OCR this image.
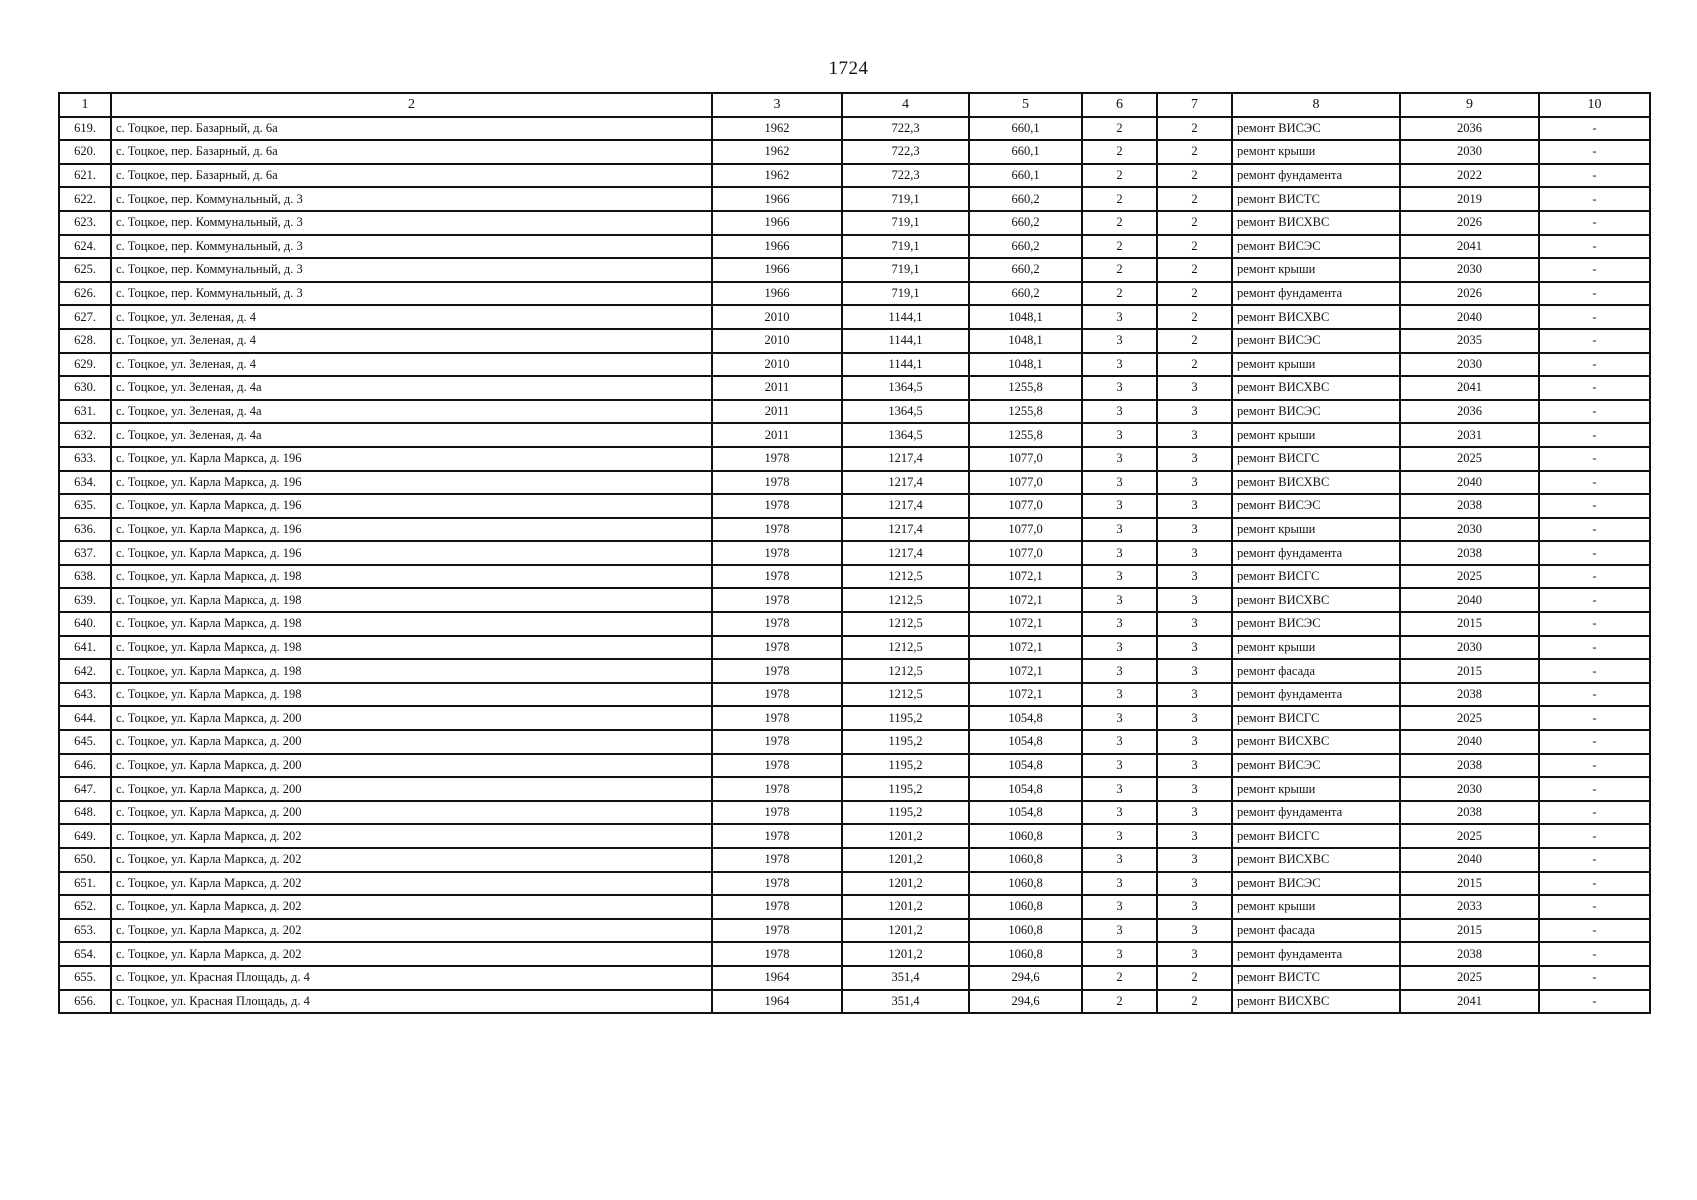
1724
1	2	3	4	5	6	7	8	9	10
619.	с. Тоцкое, пер. Базарный, д. 6а	1962	722,3	660,1	2	2	ремонт ВИСЭС	2036	-
620.	с. Тоцкое, пер. Базарный, д. 6а	1962	722,3	660,1	2	2	ремонт крыши	2030	-
621.	с. Тоцкое, пер. Базарный, д. 6а	1962	722,3	660,1	2	2	ремонт фундамента	2022	-
622.	с. Тоцкое, пер. Коммунальный, д. 3	1966	719,1	660,2	2	2	ремонт ВИСТС	2019	-
623.	с. Тоцкое, пер. Коммунальный, д. 3	1966	719,1	660,2	2	2	ремонт ВИСХВС	2026	-
624.	с. Тоцкое, пер. Коммунальный, д. 3	1966	719,1	660,2	2	2	ремонт ВИСЭС	2041	-
625.	с. Тоцкое, пер. Коммунальный, д. 3	1966	719,1	660,2	2	2	ремонт крыши	2030	-
626.	с. Тоцкое, пер. Коммунальный, д. 3	1966	719,1	660,2	2	2	ремонт фундамента	2026	-
627.	с. Тоцкое, ул. Зеленая, д. 4	2010	1144,1	1048,1	3	2	ремонт ВИСХВС	2040	-
628.	с. Тоцкое, ул. Зеленая, д. 4	2010	1144,1	1048,1	3	2	ремонт ВИСЭС	2035	-
629.	с. Тоцкое, ул. Зеленая, д. 4	2010	1144,1	1048,1	3	2	ремонт крыши	2030	-
630.	с. Тоцкое, ул. Зеленая, д. 4а	2011	1364,5	1255,8	3	3	ремонт ВИСХВС	2041	-
631.	с. Тоцкое, ул. Зеленая, д. 4а	2011	1364,5	1255,8	3	3	ремонт ВИСЭС	2036	-
632.	с. Тоцкое, ул. Зеленая, д. 4а	2011	1364,5	1255,8	3	3	ремонт крыши	2031	-
633.	с. Тоцкое, ул. Карла Маркса, д. 196	1978	1217,4	1077,0	3	3	ремонт ВИСГС	2025	-
634.	с. Тоцкое, ул. Карла Маркса, д. 196	1978	1217,4	1077,0	3	3	ремонт ВИСХВС	2040	-
635.	с. Тоцкое, ул. Карла Маркса, д. 196	1978	1217,4	1077,0	3	3	ремонт ВИСЭС	2038	-
636.	с. Тоцкое, ул. Карла Маркса, д. 196	1978	1217,4	1077,0	3	3	ремонт крыши	2030	-
637.	с. Тоцкое, ул. Карла Маркса, д. 196	1978	1217,4	1077,0	3	3	ремонт фундамента	2038	-
638.	с. Тоцкое, ул. Карла Маркса, д. 198	1978	1212,5	1072,1	3	3	ремонт ВИСГС	2025	-
639.	с. Тоцкое, ул. Карла Маркса, д. 198	1978	1212,5	1072,1	3	3	ремонт ВИСХВС	2040	-
640.	с. Тоцкое, ул. Карла Маркса, д. 198	1978	1212,5	1072,1	3	3	ремонт ВИСЭС	2015	-
641.	с. Тоцкое, ул. Карла Маркса, д. 198	1978	1212,5	1072,1	3	3	ремонт крыши	2030	-
642.	с. Тоцкое, ул. Карла Маркса, д. 198	1978	1212,5	1072,1	3	3	ремонт фасада	2015	-
643.	с. Тоцкое, ул. Карла Маркса, д. 198	1978	1212,5	1072,1	3	3	ремонт фундамента	2038	-
644.	с. Тоцкое, ул. Карла Маркса, д. 200	1978	1195,2	1054,8	3	3	ремонт ВИСГС	2025	-
645.	с. Тоцкое, ул. Карла Маркса, д. 200	1978	1195,2	1054,8	3	3	ремонт ВИСХВС	2040	-
646.	с. Тоцкое, ул. Карла Маркса, д. 200	1978	1195,2	1054,8	3	3	ремонт ВИСЭС	2038	-
647.	с. Тоцкое, ул. Карла Маркса, д. 200	1978	1195,2	1054,8	3	3	ремонт крыши	2030	-
648.	с. Тоцкое, ул. Карла Маркса, д. 200	1978	1195,2	1054,8	3	3	ремонт фундамента	2038	-
649.	с. Тоцкое, ул. Карла Маркса, д. 202	1978	1201,2	1060,8	3	3	ремонт ВИСГС	2025	-
650.	с. Тоцкое, ул. Карла Маркса, д. 202	1978	1201,2	1060,8	3	3	ремонт ВИСХВС	2040	-
651.	с. Тоцкое, ул. Карла Маркса, д. 202	1978	1201,2	1060,8	3	3	ремонт ВИСЭС	2015	-
652.	с. Тоцкое, ул. Карла Маркса, д. 202	1978	1201,2	1060,8	3	3	ремонт крыши	2033	-
653.	с. Тоцкое, ул. Карла Маркса, д. 202	1978	1201,2	1060,8	3	3	ремонт фасада	2015	-
654.	с. Тоцкое, ул. Карла Маркса, д. 202	1978	1201,2	1060,8	3	3	ремонт фундамента	2038	-
655.	с. Тоцкое, ул. Красная Площадь, д. 4	1964	351,4	294,6	2	2	ремонт ВИСТС	2025	-
656.	с. Тоцкое, ул. Красная Площадь, д. 4	1964	351,4	294,6	2	2	ремонт ВИСХВС	2041	-
